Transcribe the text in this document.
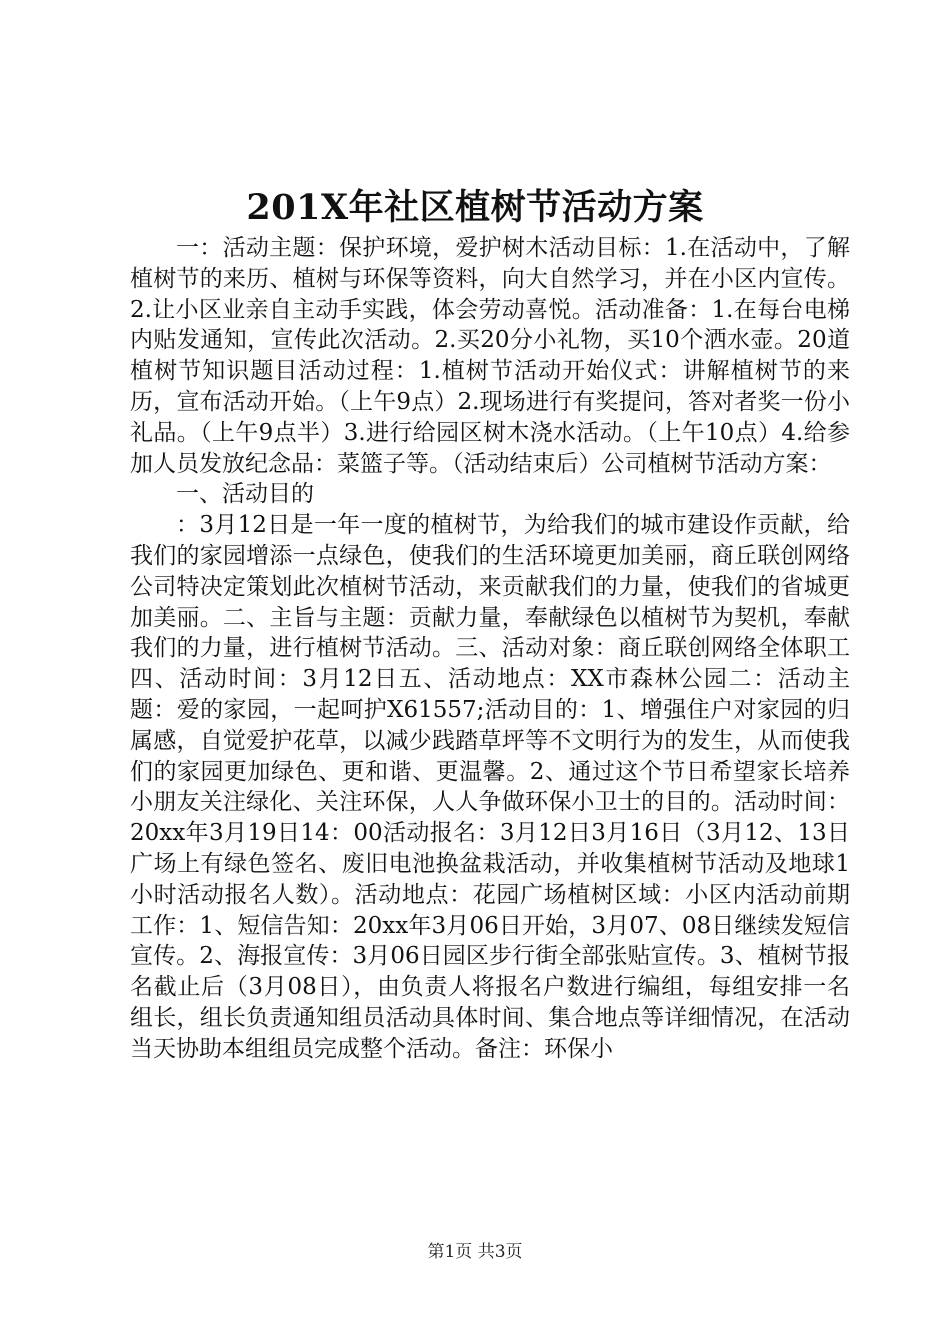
201X年社区植树节活动方案

一：活动主题：保护环境，爱护树木活动目标：1.在活动中，了解植树节的来历、植树与环保等资料，向大自然学习，并在小区内宣传。2.让小区业亲自主动手实践，体会劳动喜悦。活动准备：1.在每台电梯内贴发通知，宣传此次活动。2.买20分小礼物，买10个洒水壶。20道植树节知识题目活动过程：1.植树节活动开始仪式：讲解植树节的来历，宣布活动开始。（上午9点）2.现场进行有奖提问，答对者奖一份小礼品。（上午9点半）3.进行给园区树木浇水活动。（上午10点）4.给参加人员发放纪念品：菜篮子等。（活动结束后）公司植树节活动方案：

一、活动目的

：3月12日是一年一度的植树节，为给我们的城市建设作贡献，给我们的家园增添一点绿色，使我们的生活环境更加美丽，商丘联创网络公司特决定策划此次植树节活动，来贡献我们的力量，使我们的省城更加美丽。二、主旨与主题：贡献力量，奉献绿色以植树节为契机，奉献我们的力量，进行植树节活动。三、活动对象：商丘联创网络全体职工四、活动时间：3月12日五、活动地点：XX市森林公园二：活动主题：爱的家园，一起呵护X61557;活动目的：1、增强住户对家园的归属感，自觉爱护花草，以减少践踏草坪等不文明行为的发生，从而使我们的家园更加绿色、更和谐、更温馨。2、通过这个节日希望家长培养小朋友关注绿化、关注环保，人人争做环保小卫士的目的。活动时间：20xx年3月19日14：00活动报名：3月12日3月16日（3月12、13日广场上有绿色签名、废旧电池换盆栽活动，并收集植树节活动及地球1小时活动报名人数）。活动地点：花园广场植树区域：小区内活动前期工作：1、短信告知：20xx年3月06日开始，3月07、08日继续发短信宣传。2、海报宣传：3月06日园区步行街全部张贴宣传。3、植树节报名截止后（3月08日），由负责人将报名户数进行编组，每组安排一名组长，组长负责通知组员活动具体时间、集合地点等详细情况，在活动当天协助本组组员完成整个活动。备注：环保小

第1页 共3页
